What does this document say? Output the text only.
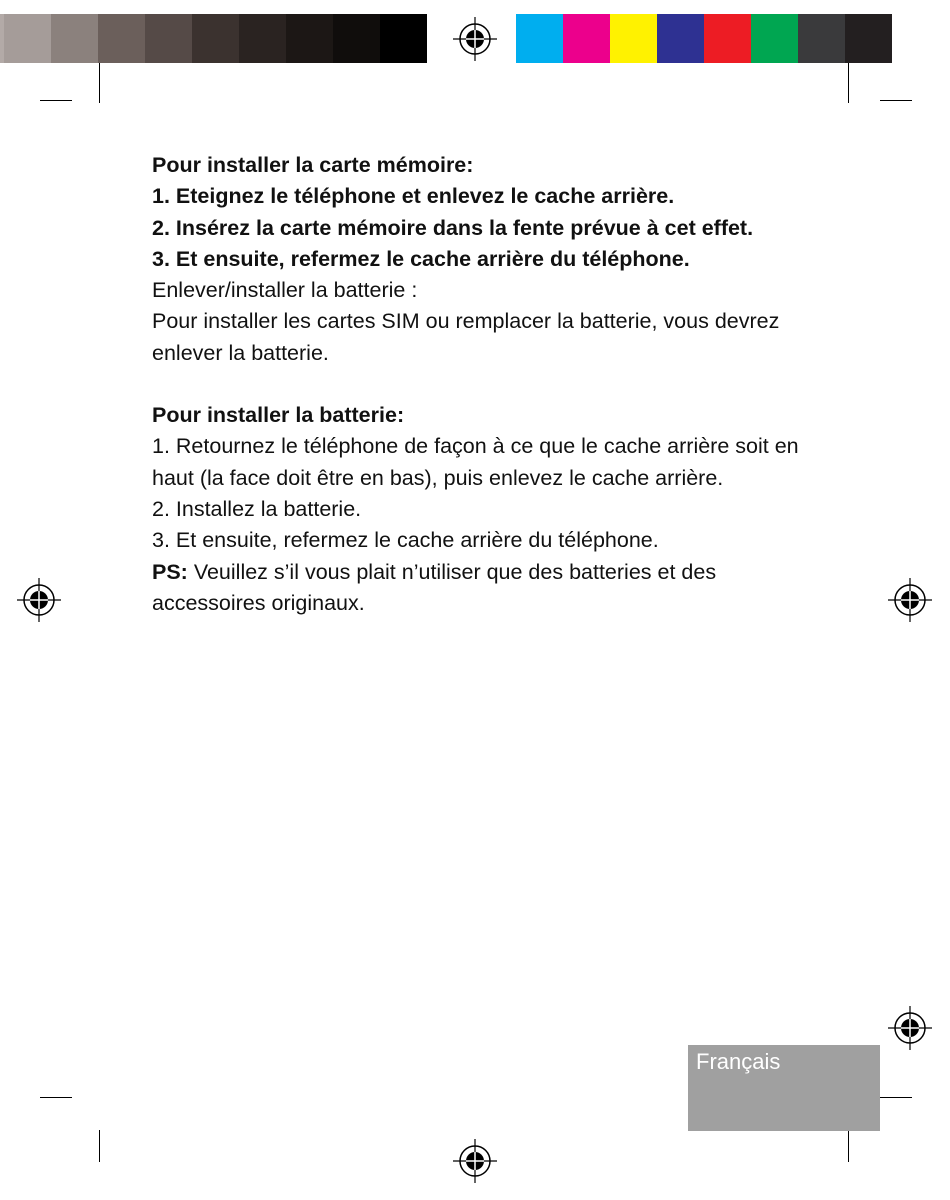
Pour installer la carte mémoire:

1. Eteignez le téléphone et enlevez le cache arrière.

2. Insérez la carte mémoire dans la fente prévue à cet effet.

3. Et ensuite, refermez le cache arrière du téléphone.

Enlever/installer la batterie :

Pour installer les cartes SIM ou remplacer la batterie, vous devrez enlever la batterie.

Pour installer la batterie:

1. Retournez le téléphone de façon à ce que le cache arrière soit en haut (la face doit être en bas), puis enlevez le cache arrière.

2. Installez la batterie.

3. Et ensuite, refermez le cache arrière du téléphone.

PS: Veuillez s’il vous plait n’utiliser que des batteries et des accessoires originaux.

Français
